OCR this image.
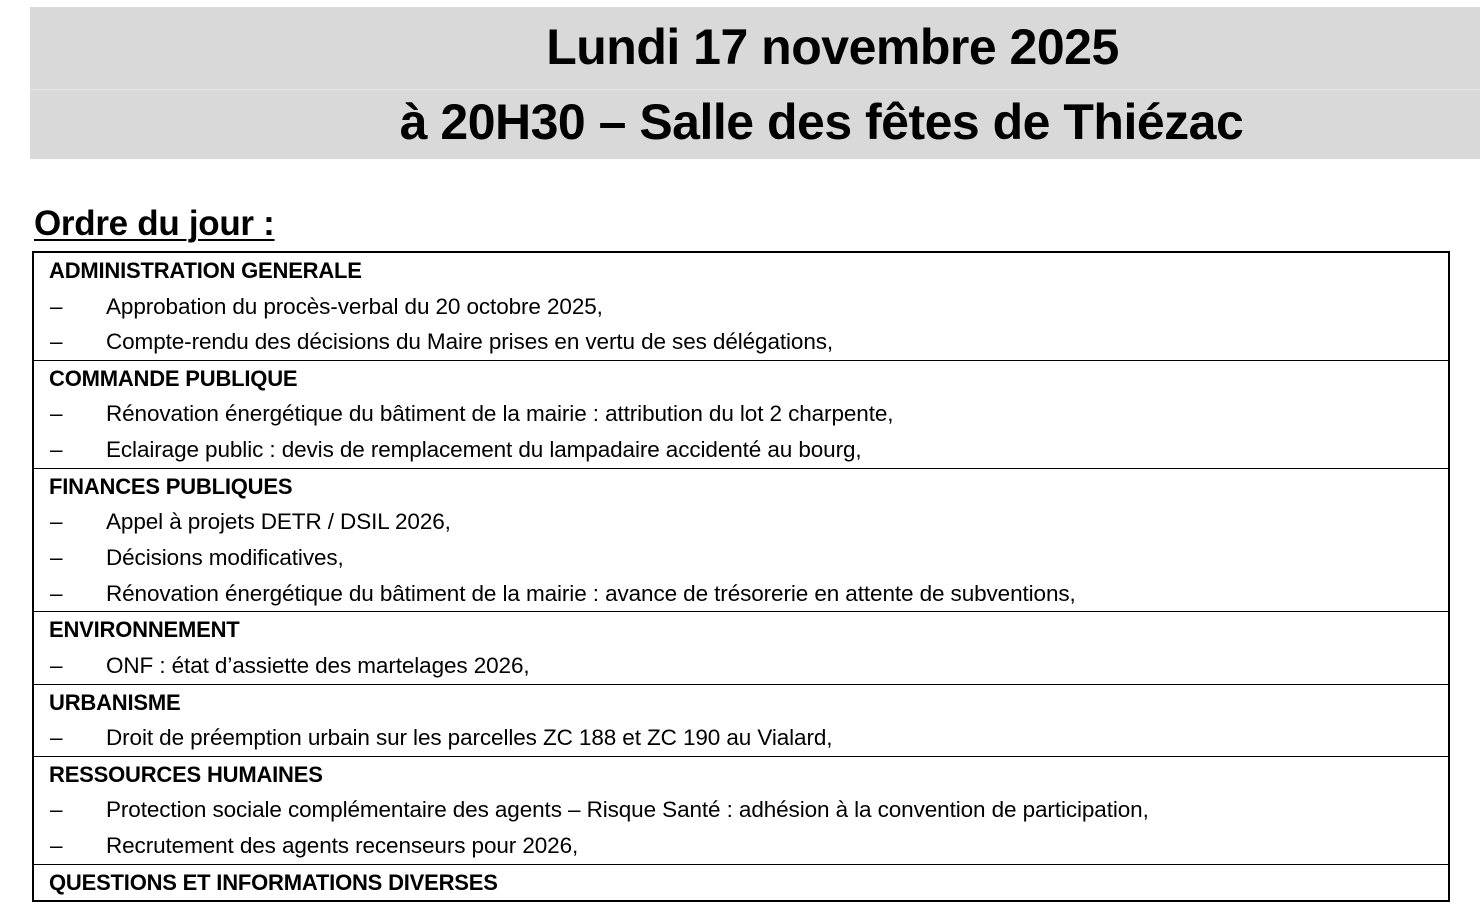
Lundi 17 novembre 2025
à 20H30 – Salle des fêtes de Thiézac
Ordre du jour :
ADMINISTRATION GENERALE
– Approbation du procès-verbal du 20 octobre 2025,
– Compte-rendu des décisions du Maire prises en vertu de ses délégations,
COMMANDE PUBLIQUE
– Rénovation énergétique du bâtiment de la mairie : attribution du lot 2 charpente,
– Eclairage public : devis de remplacement du lampadaire accidenté au bourg,
FINANCES PUBLIQUES
– Appel à projets DETR / DSIL 2026,
– Décisions modificatives,
– Rénovation énergétique du bâtiment de la mairie : avance de trésorerie en attente de subventions,
ENVIRONNEMENT
– ONF : état d’assiette des martelages 2026,
URBANISME
– Droit de préemption urbain sur les parcelles ZC 188 et ZC 190 au Vialard,
RESSOURCES HUMAINES
– Protection sociale complémentaire des agents – Risque Santé : adhésion à la convention de participation,
– Recrutement des agents recenseurs pour 2026,
QUESTIONS ET INFORMATIONS DIVERSES
